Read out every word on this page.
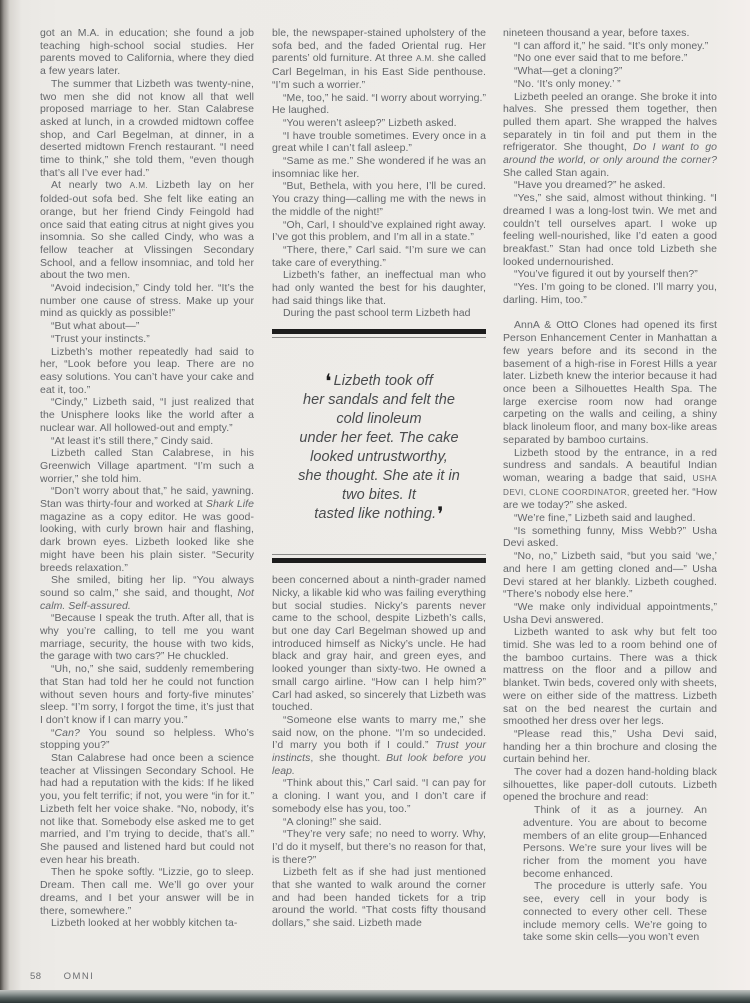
got an M.A. in education; she found a job teaching high-school social studies. Her parents moved to California, where they died a few years later.

The summer that Lizbeth was twenty-nine, two men she did not know all that well proposed marriage to her. Stan Calabrese asked at lunch, in a crowded midtown coffee shop, and Carl Begelman, at dinner, in a deserted midtown French restaurant. “I need time to think,” she told them, “even though that’s all I’ve ever had.”

At nearly two A.M. Lizbeth lay on her folded-out sofa bed. She felt like eating an orange, but her friend Cindy Feingold had once said that eating citrus at night gives you insomnia. So she called Cindy, who was a fellow teacher at Vlissingen Secondary School, and a fellow insomniac, and told her about the two men.

“Avoid indecision,” Cindy told her. “It’s the number one cause of stress. Make up your mind as quickly as possible!”

“But what about—”

“Trust your instincts.”

Lizbeth’s mother repeatedly had said to her, “Look before you leap. There are no easy solutions. You can’t have your cake and eat it, too.”

“Cindy,” Lizbeth said, “I just realized that the Unisphere looks like the world after a nuclear war. All hollowed-out and empty.”

“At least it’s still there,” Cindy said.

Lizbeth called Stan Calabrese, in his Greenwich Village apartment. “I’m such a worrier,” she told him.

“Don’t worry about that,” he said, yawning. Stan was thirty-four and worked at Shark Life magazine as a copy editor. He was good-looking, with curly brown hair and flashing, dark brown eyes. Lizbeth looked like she might have been his plain sister. “Security breeds relaxation.”

She smiled, biting her lip. “You always sound so calm,” she said, and thought, Not calm. Self-assured.

“Because I speak the truth. After all, that is why you’re calling, to tell me you want marriage, security, the house with two kids, the garage with two cars?” He chuckled.

“Uh, no,” she said, suddenly remembering that Stan had told her he could not function without seven hours and forty-five minutes’ sleep. “I’m sorry, I forgot the time, it’s just that I don’t know if I can marry you.”

“Can? You sound so helpless. Who’s stopping you?”

Stan Calabrese had once been a science teacher at Vlissingen Secondary School. He had had a reputation with the kids: If he liked you, you felt terrific; if not, you were “in for it.” Lizbeth felt her voice shake. “No, nobody, it’s not like that. Somebody else asked me to get married, and I’m trying to decide, that’s all.” She paused and listened hard but could not even hear his breath.

Then he spoke softly. “Lizzie, go to sleep. Dream. Then call me. We’ll go over your dreams, and I bet your answer will be in there, somewhere.”

Lizbeth looked at her wobbly kitchen ta-

ble, the newspaper-stained upholstery of the sofa bed, and the faded Oriental rug. Her parents’ old furniture. At three A.M. she called Carl Begelman, in his East Side penthouse. “I’m such a worrier.”

“Me, too,” he said. “I worry about worrying.” He laughed.

“You weren’t asleep?” Lizbeth asked.

“I have trouble sometimes. Every once in a great while I can’t fall asleep.”

“Same as me.” She wondered if he was an insomniac like her.

“But, Bethela, with you here, I’ll be cured. You crazy thing—calling me with the news in the middle of the night!”

“Oh, Carl, I should’ve explained right away. I’ve got this problem, and I’m all in a state.”

“There, there,” Carl said. “I’m sure we can take care of everything.”

Lizbeth’s father, an ineffectual man who had only wanted the best for his daughter, had said things like that.

During the past school term Lizbeth had

❛ Lizbeth took off
her sandals and felt the
cold linoleum
under her feet. The cake
looked untrustworthy,
she thought. She ate it in
two bites. It
tasted like nothing.❜

been concerned about a ninth-grader named Nicky, a likable kid who was failing everything but social studies. Nicky’s parents never came to the school, despite Lizbeth’s calls, but one day Carl Begelman showed up and introduced himself as Nicky’s uncle. He had black and gray hair, and green eyes, and looked younger than sixty-two. He owned a small cargo airline. “How can I help him?” Carl had asked, so sincerely that Lizbeth was touched.

“Someone else wants to marry me,” she said now, on the phone. “I’m so undecided. I’d marry you both if I could.” Trust your instincts, she thought. But look before you leap.

“Think about this,” Carl said. “I can pay for a cloning. I want you, and I don’t care if somebody else has you, too.”

“A cloning!” she said.

“They’re very safe; no need to worry. Why, I’d do it myself, but there’s no reason for that, is there?”

Lizbeth felt as if she had just mentioned that she wanted to walk around the corner and had been handed tickets for a trip around the world. “That costs fifty thousand dollars,” she said. Lizbeth made

nineteen thousand a year, before taxes.

“I can afford it,” he said. “It’s only money.”

“No one ever said that to me before.”

“What—get a cloning?”

“No. ‘It’s only money.’ ”

Lizbeth peeled an orange. She broke it into halves. She pressed them together, then pulled them apart. She wrapped the halves separately in tin foil and put them in the refrigerator. She thought, Do I want to go around the world, or only around the corner? She called Stan again.

“Have you dreamed?” he asked.

“Yes,” she said, almost without thinking. “I dreamed I was a long-lost twin. We met and couldn’t tell ourselves apart. I woke up feeling well-nourished, like I’d eaten a good breakfast.” Stan had once told Lizbeth she looked undernourished.

“You’ve figured it out by yourself then?”

“Yes. I’m going to be cloned. I’ll marry you, darling. Him, too.”

AnnA & OttO Clones had opened its first Person Enhancement Center in Manhattan a few years before and its second in the basement of a high-rise in Forest Hills a year later. Lizbeth knew the interior because it had once been a Silhouettes Health Spa. The large exercise room now had orange carpeting on the walls and ceiling, a shiny black linoleum floor, and many box-like areas separated by bamboo curtains.

Lizbeth stood by the entrance, in a red sundress and sandals. A beautiful Indian woman, wearing a badge that said, USHA DEVI, CLONE COORDINATOR, greeted her. “How are we today?” she asked.

“We’re fine,” Lizbeth said and laughed.

“Is something funny, Miss Webb?” Usha Devi asked.

“No, no,” Lizbeth said, “but you said ‘we,’ and here I am getting cloned and—” Usha Devi stared at her blankly. Lizbeth coughed. “There’s nobody else here.”

“We make only individual appointments,” Usha Devi answered.

Lizbeth wanted to ask why but felt too timid. She was led to a room behind one of the bamboo curtains. There was a thick mattress on the floor and a pillow and blanket. Twin beds, covered only with sheets, were on either side of the mattress. Lizbeth sat on the bed nearest the curtain and smoothed her dress over her legs.

“Please read this,” Usha Devi said, handing her a thin brochure and closing the curtain behind her.

The cover had a dozen hand-holding black silhouettes, like paper-doll cutouts. Lizbeth opened the brochure and read:

Think of it as a journey. An adventure. You are about to become members of an elite group—Enhanced Persons. We’re sure your lives will be richer from the moment you have become enhanced.

The procedure is utterly safe. You see, every cell in your body is connected to every other cell. These include memory cells. We’re going to take some skin cells—you won’t even

58 OMNI
